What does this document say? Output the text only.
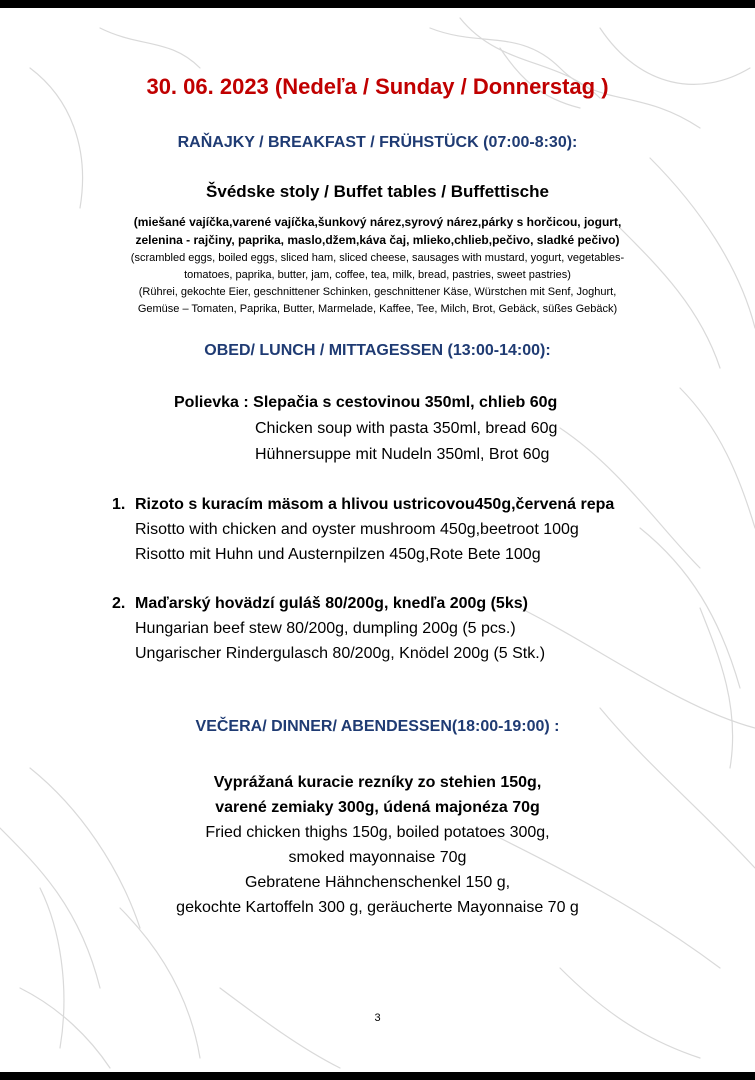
30. 06. 2023 (Nedeľa / Sunday / Donnerstag )
RAŇAJKY / BREAKFAST / FRÜHSTÜCK (07:00-8:30):
Švédske stoly / Buffet tables / Buffettische
(miešané vajíčka,varené vajíčka,šunkový nárez,syrový nárez,párky s horčicou, jogurt,
zelenina - rajčiny, paprika, maslo,džem,káva čaj, mlieko,chlieb,pečivo, sladké pečivo)
(scrambled eggs, boiled eggs, sliced ham, sliced cheese, sausages with mustard, yogurt, vegetables-
tomatoes, paprika, butter, jam, coffee, tea, milk, bread, pastries, sweet pastries)
(Rühreі, gekochte Eier, geschnittener Schinken, geschnittener Käse, Würstchen mit Senf, Joghurt,
Gemüse – Tomaten, Paprika, Butter, Marmelade, Kaffee, Tee, Milch, Brot, Gebäck, süßes Gebäck)
OBED/ LUNCH / MITTAGESSEN (13:00-14:00):
Polievka : Slepačia s cestovinou 350ml, chlieb 60g
Chicken soup with pasta 350ml, bread 60g
Hühnersuppe mit Nudeln 350ml, Brot 60g
1. Rizoto s kuracím mäsom a hlivou ustricovou450g,červená repa
Risotto with chicken and oyster mushroom 450g,beetroot 100g
Risotto mit Huhn und Austernpilzen 450g,Rote Bete 100g
2. Maďarský hovädzí guláš 80/200g, knedľa 200g (5ks)
Hungarian beef stew 80/200g, dumpling 200g (5 pcs.)
Ungarischer Rindergulasch 80/200g, Knödel 200g (5 Stk.)
VEČERA/ DINNER/ ABENDESSEN(18:00-19:00) :
Vyprážaná kuracie rezníky zo stehien 150g,
varené zemiaky 300g, údená majonéza 70g
Fried chicken thighs 150g, boiled potatoes 300g,
smoked mayonnaise 70g
Gebratene Hähnchenschenkel 150 g,
gekochte Kartoffeln 300 g, geräucherte Mayonnaise 70 g
3
